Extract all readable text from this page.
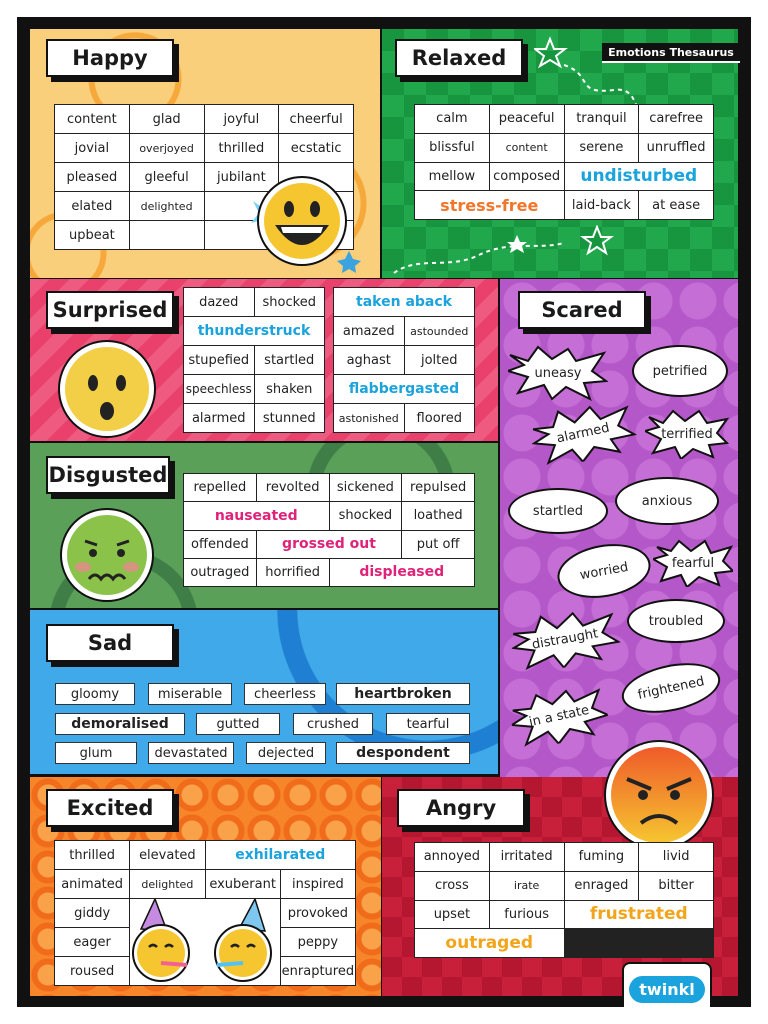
Happy
content	glad	joyful	cheerful
jovial	overjoyed	thrilled	ecstatic
pleased	gleeful	jubilant
elated	delighted
upbeat
Relaxed	Emotions Thesaurus
calm	peaceful	tranquil	carefree
blissful	content	serene	unruffled
mellow	composed	undisturbed
stress-free	laid-back	at ease
Surprised	dazed	shocked
thunderstruck
stupefied	startled
speechless	shaken
alarmed	stunned
taken aback
amazed	astounded
aghast	jolted
flabbergasted
astonished	floored
Scared
uneasy	petrified
alarmed	terrified
startled
anxious
worried	fearful
troubled
distraught
frightened
in a state
Disgusted
repelled	revolted	sickened	repulsed
nauseated	shocked	loathed
offended	grossed out	put off
outraged	horrified	displeased
Sad
gloomy	miserable	cheerless	heartbroken
demoralised	gutted	crushed	tearful
glum	devastated	dejected	despondent
Excited
thrilled	elevated	exhilarated
animated	delighted	exuberant	inspired
giddy	provoked
eager	peppy
roused	enraptured
Angry
annoyed	irritated	fuming	livid
cross	irate	enraged	bitter
upset	furious	frustrated
outraged
twinkl
